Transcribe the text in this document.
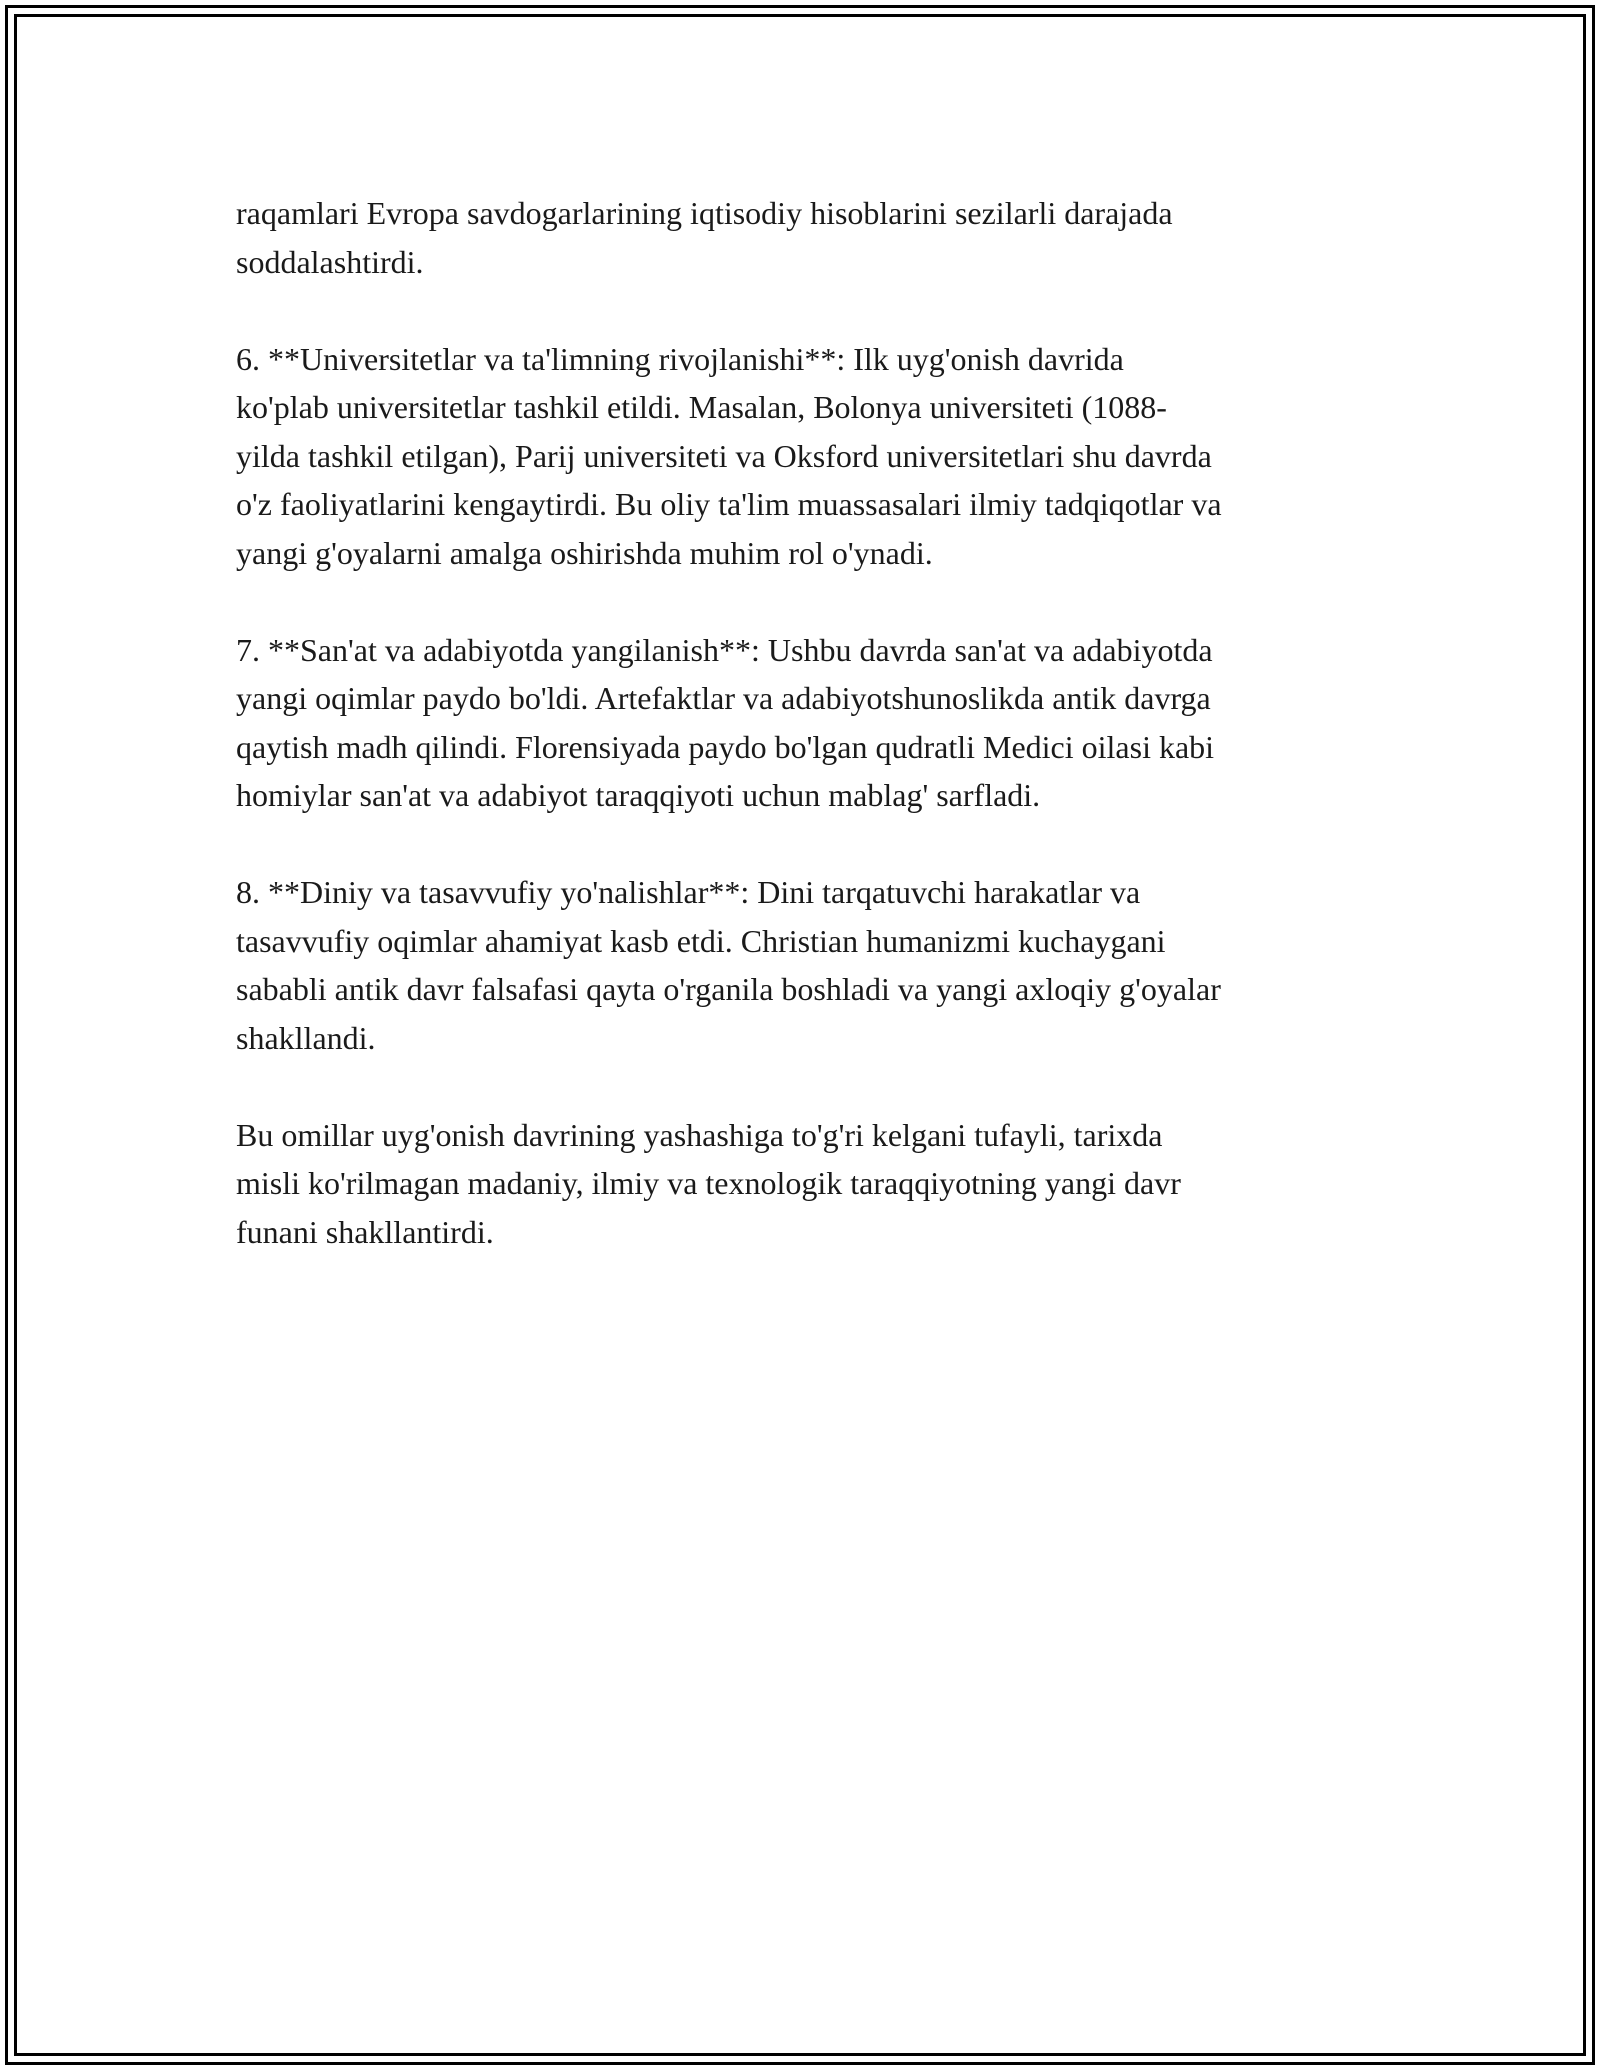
raqamlari Evropa savdogarlarining iqtisodiy hisoblarini sezilarli darajada
soddalashtirdi.

6. **Universitetlar va ta'limning rivojlanishi**: Ilk uyg'onish davrida
ko'plab universitetlar tashkil etildi. Masalan, Bolonya universiteti (1088-
yilda tashkil etilgan), Parij universiteti va Oksford universitetlari shu davrda
o'z faoliyatlarini kengaytirdi. Bu oliy ta'lim muassasalari ilmiy tadqiqotlar va
yangi g'oyalarni amalga oshirishda muhim rol o'ynadi.

7. **San'at va adabiyotda yangilanish**: Ushbu davrda san'at va adabiyotda
yangi oqimlar paydo bo'ldi. Artefaktlar va adabiyotshunoslikda antik davrga
qaytish madh qilindi. Florensiyada paydo bo'lgan qudratli Medici oilasi kabi
homiylar san'at va adabiyot taraqqiyoti uchun mablag' sarfladi.

8. **Diniy va tasavvufiy yo'nalishlar**: Dini tarqatuvchi harakatlar va
tasavvufiy oqimlar ahamiyat kasb etdi. Christian humanizmi kuchaygani
sababli antik davr falsafasi qayta o'rganila boshladi va yangi axloqiy g'oyalar
shakllandi.

Bu omillar uyg'onish davrining yashashiga to'g'ri kelgani tufayli, tarixda
misli ko'rilmagan madaniy, ilmiy va texnologik taraqqiyotning yangi davr
funani shakllantirdi.
